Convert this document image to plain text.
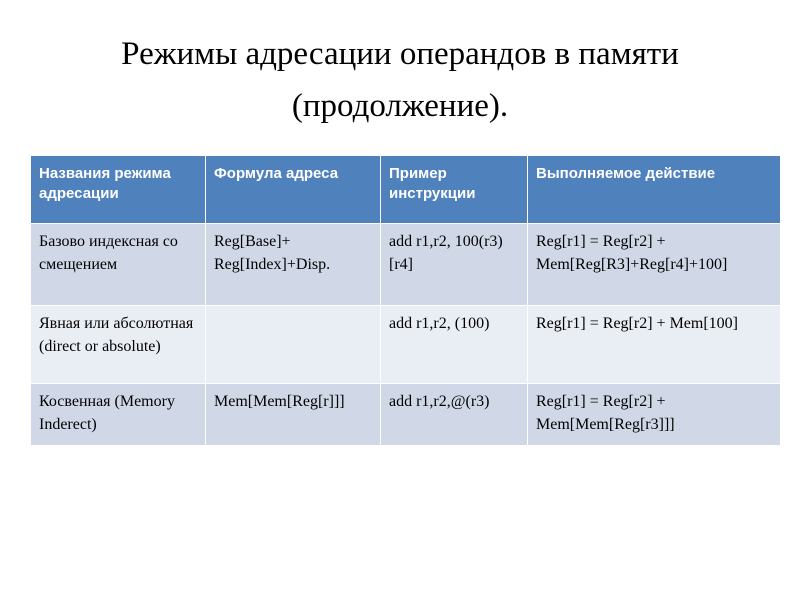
Режимы адресации операндов в памяти
(продолжение).
Названия режима адресации	Формула адреса	Пример инструкции	Выполняемое действие
Базово индексная со смещением	Reg[Base]+ Reg[Index]+Disp.	add r1,r2, 100(r3)[r4]	Reg[r1] = Reg[r2] + Mem[Reg[R3]+Reg[r4]+100]
Явная или абсолютная (direct or absolute)		add r1,r2, (100)	Reg[r1] = Reg[r2] + Mem[100]
Косвенная (Memory Inderect)	Mem[Mem[Reg[r]]]	add r1,r2,@(r3)	Reg[r1] = Reg[r2] + Mem[Mem[Reg[r3]]]
